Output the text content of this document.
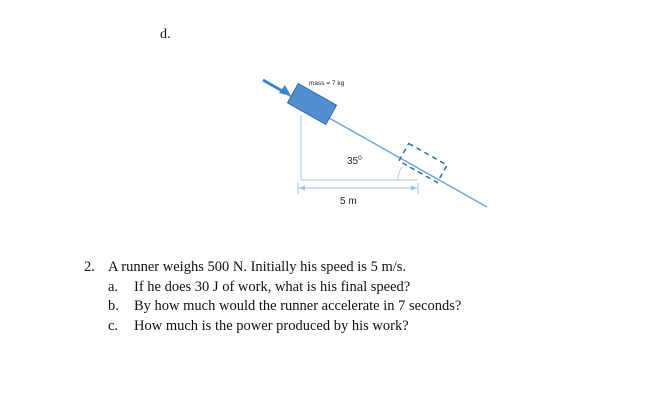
d.
mass = 7 kg
$35^0$
5 m
2. A runner weighs 500 N. Initially his speed is 5 m/s.
a.	If he does 30 J of work, what is his final speed?
b.	By how much would the runner accelerate in 7 seconds?
c.	How much is the power produced by his work?
